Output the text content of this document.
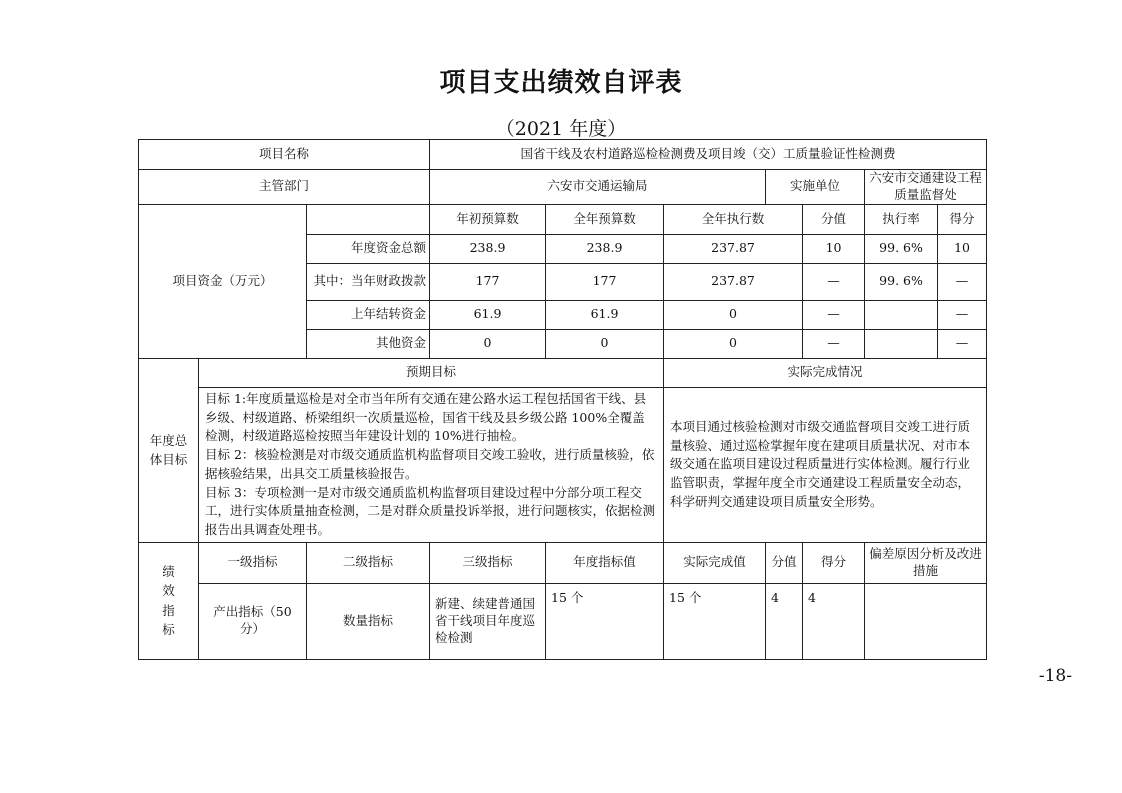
项目支出绩效自评表
（2021 年度）
项目名称			国省干线及农村道路巡检检测费及项目竣（交）工质量验证性检测费						
主管部门			六安市交通运输局			实施单位		六安市交通建设工程质量监督处	
项目资金（万元）			年初预算数	全年预算数	全年执行数		分值	执行率	得分
		年度资金总额	238.9	238.9	237.87		10	99. 6%	10
		其中：当年财政拨款	177	177	237.87		—	99. 6%	—
		上年结转资金	61.9	61.9	0		—		—
		其他资金	0	0	0		—		—
年度总体目标	预期目标				实际完成情况				

	目标 1:年度质量巡检是对全市当年所有交通在建公路水运工程包括国省干线、县乡级、村级道路、桥梁组织一次质量巡检，国省干线及县乡级公路 100%全覆盖检测，村级道路巡检按照当年建设计划的 10%进行抽检。
目标 2：核验检测是对市级交通质监机构监督项目交竣工验收，进行质量核验，依据核验结果，出具交工质量核验报告。
目标 3：专项检测一是对市级交通质监机构监督项目建设过程中分部分项工程交工，进行实体质量抽查检测，二是对群众质量投诉举报，进行问题核实，依据检测报告出具调查处理书。				本项目通过核验检测对市级交通监督项目交竣工进行质量核验、通过巡检掌握年度在建项目质量状况、对市本级交通在监项目建设过程质量进行实体检测。履行行业监管职责，掌握年度全市交通建设工程质量安全动态，科学研判交通建设项目质量安全形势。				
绩效指标	一级指标	二级指标	三级指标	年度指标值	实际完成值	分值	得分	偏差原因分析及改进措施	
	产出指标（50 分）	数量指标	新建、续建普通国省干线项目年度巡检检测	15 个	15 个	4	4		
-18-
